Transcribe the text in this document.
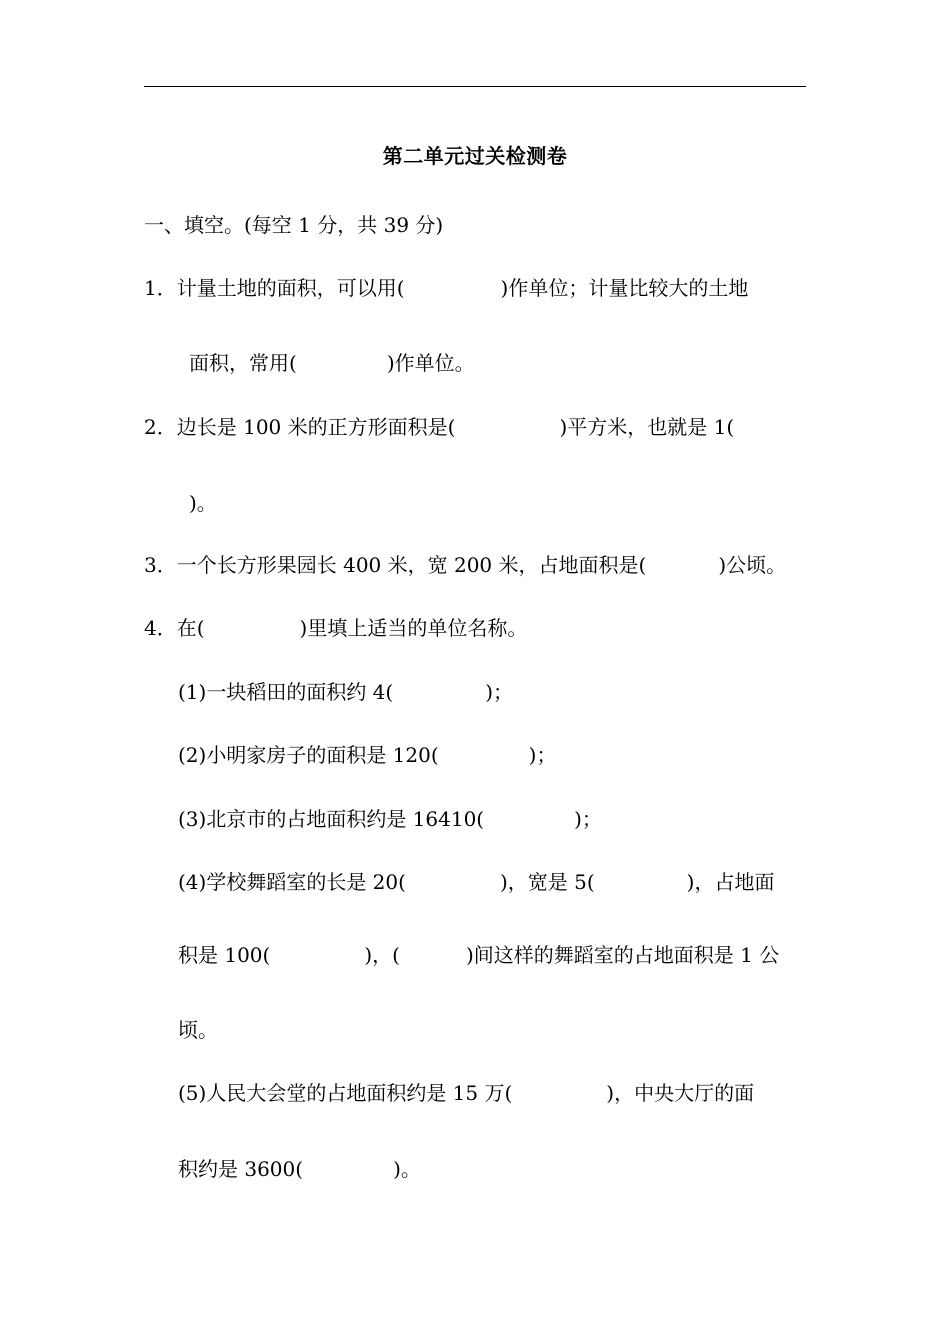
第二单元过关检测卷
一、填空。(每空 1 分，共 39 分)
1．计量土地的面积，可以用(	)作单位；计量比较大的土地
面积，常用(	)作单位。
2．边长是 100 米的正方形面积是(	)平方米，也就是 1(
)。
3．一个长方形果园长 400 米，宽 200 米，占地面积是(	)公顷。
4．在(	)里填上适当的单位名称。
(1)一块稻田的面积约 4(	)；
(2)小明家房子的面积是 120(	)；
(3)北京市的占地面积约是 16410(	)；
(4)学校舞蹈室的长是 20(	)，宽是 5(	)，占地面
积是 100(	)，(	)间这样的舞蹈室的占地面积是 1 公
顷。
(5)人民大会堂的占地面积约是 15 万(	)，中央大厅的面
积约是 3600(	)。
